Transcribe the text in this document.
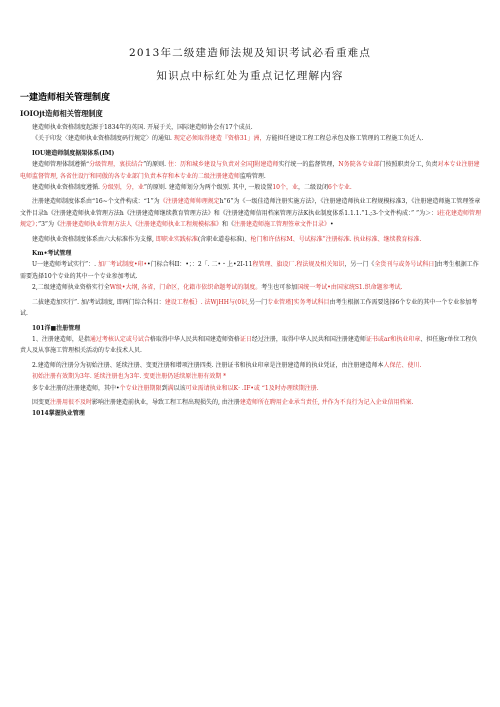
2013年二级建造师法规及知识考试必看重难点
知识点中标红处为重点记忆理解内容
一建造师相关管理制度
IOIOjt造师相关管理制度

建造师执业资格制度起源于1834年的英国. 开展于关，国际建造师协会有17个成员.

《关于印发〈建造师执业资格制度码行规定〉的通知. 现定必须取得建造『资格31」洲，方能担任建设工程工程总承包及修工管理的工程施工负近人.

IOU建造师制度据架体系(IM)

建造师管理体制遵循“分级管理，衷扶结合”的原则. 住：历和城乡建设与负责对全国J附建造师实行统一的监督管理，N务院各专业部门按照职责分工, 负责对本专业注册建电师监督管理, 各省住设厅和同傲的各专业部门负责本存和本专业的二级注册建造师监啃管理.

建造师执业资格制度遵循. 分级别，分，业”的原则. 建造师划分为两个级别. 其中, 一般设置10个，业，二级设闭6个专业.

注册建造师制度体系由“16~个文件构成：“1”为《注册建造师帅理规定h”6”为《一级佳造师注册实施方法》，《注册建造师执业工程规模标准3，《注册建造师施工管理签章文件目录h《注册建造师执业管理方法h《注册建造师继续教育管理方法》和《注册建造师信用档案管理方法K执业制度体系1.1.1.”1.;3-个文件构成：” ”为＞：i拄花建造师管理规定》；”3”为《注册建造师执业管理方法人《注册建造师执业工程规模标准》和《注册建造师施工管理签章文件目录》•

建造师执业资格制度体系由六大标准作为支撑, 即职业实践标准(含职业道卷标准)、枪门和许估标M、号试标准”注册标准. 执业标准、继续教育标准.

Km•考试管理

U一建造师考试实行”：. 加厂考试制度•印••门标合科II：•；：2「. 二•・上•2I-11程管理、旗设厂.程法规及相关知识，另一门《全货刊与或务号试科日]由考生根据工作需要选择10个专业的其中一个专业参加考试.

2,二级建造师执业资格实行全W级•大纲, 各省，门命区，化籍市依织命题考试的制度。考生也可参加国统一考试•由国家统S1.织命题参考试.

二拔建造加实行”. 加/考试制度, 即两门综合科目：建设工程板｝. 法WjHH与(0识,另一门专业管瑾]实务考试科目由考生根据工作需要选择6个专业的其中一个专业参加考试.

101洋■注册管理

1、注册建造师，是指通过考核认定或号试合格取得中华人民共和国建造师资格证日经过注册，取得中华人民共和国注册建造师证书或ar和执业印章、担任施r单位工程负责人及从事施工管理相关活动的专业技术人贝.

2.建造师的注册分为初始注册、延续注册、变更注册和增项注册四类. 注册证书和执业印章是注册建造师的执业凭证，由注册建造师本人保茫、使川.

初始注册有效期为3年. 延续注册也为3年. 变更注册仍延续原注册有效期 *

多专业注册的注册建造师，其中•个专业注册期限到满以该可业需请执业和以K· .IF•或 “1及时办理续期注册.

因变更注册用很不及时影响注册建造前执业，导致工程工程出现损失的, 由注册建造师所在聘用企业承当责任, 并作为不良行为记入企业信用档案.

1014掌握执业管理
